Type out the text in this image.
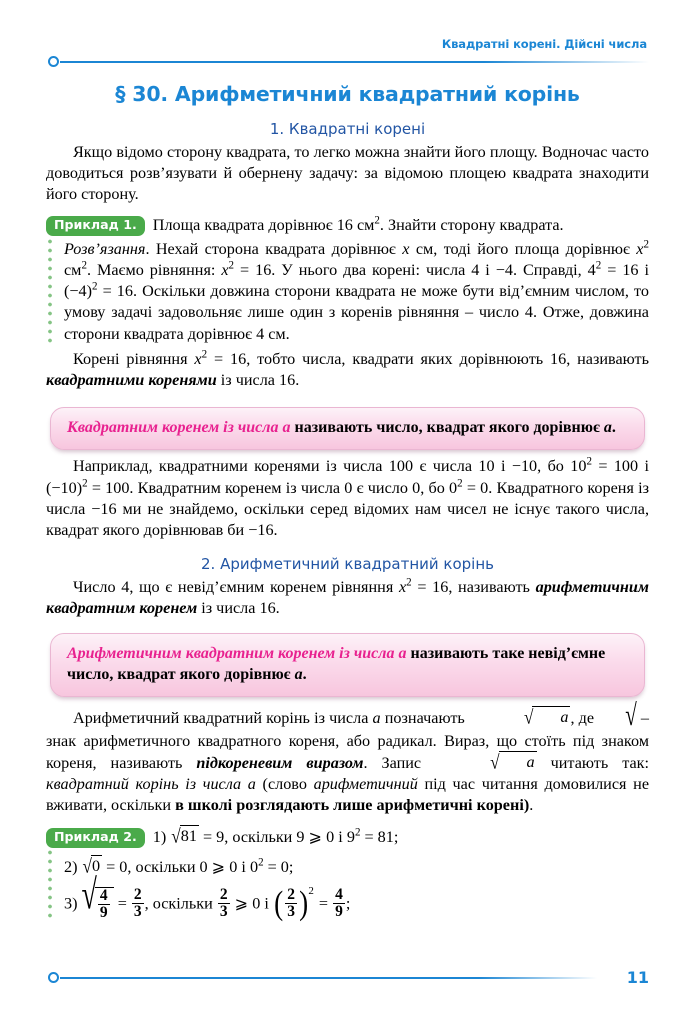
Квадратні корені. Дійсні числа
§ 30. Арифметичний квадратний корінь
1. Квадратні корені

Якщо відомо сторону квадрата, то легко можна знайти його площу. Водночас часто доводиться розв’язувати й обернену задачу: за відомою площею квадрата знаходити його сторону.

Приклад 1. Площа квадрата дорівнює 16 $см^2$. Знайти сторону квадрата.

Розв’язання. Нехай сторона квадрата дорівнює x см, тоді його площа дорівнює $x^2$ $см^2$. Маємо рівняння: $x^2 = 16$. У нього два корені: числа 4 і −4. Справді, $4^2 = 16$ і $(-4)^2 = 16$. Оскільки довжина сторони квадрата не може бути від’ємним числом, то умову задачі задовольняє лише один з коренів рівняння – число 4. Отже, довжина сторони квадрата дорівнює 4 см.

Корені рівняння $x^2 = 16$, тобто числа, квадрати яких дорівнюють 16, називають квадратними коренями із числа 16.

Квадратним коренем із числа a називають число, квадрат якого дорівнює a.

Наприклад, квадратними коренями із числа 100 є числа 10 і −10, бо $10^2 = 100$ і $(-10)^2 = 100$. Квадратним коренем із числа 0 є число 0, бо $0^2 = 0$. Квадратного кореня із числа −16 ми не знайдемо, оскільки серед відомих нам чисел не існує такого числа, квадрат якого дорівнював би −16.

2. Арифметичний квадратний корінь

Число 4, що є невід’ємним коренем рівняння $x^2 = 16$, називають арифметичним квадратним коренем із числа 16.

Арифметичним квадратним коренем із числа a називають таке невід’ємне число, квадрат якого дорівнює a.

Арифметичний квадратний корінь із числа a позначають	√ a , де √ – знак арифметичного квадратного кореня, або радикал. Вираз, що стоїть під знаком кореня, називають підкореневим виразом. Запис	√ a читають так: квадратний корінь із числа a (слово арифметичний під час читання домовилися не вживати, оскільки в школі розглядають лише арифметичні корені).

Приклад 2. 1) √81 = 9, оскільки 9 ⩾ 0 і $9^2 = 81$;

2) √0 = 0, оскільки 0 ⩾ 0 і $0^2 = 0$;

3) √ $\frac{4}{9} = \frac{2}{3}$ , оскільки $\frac{2}{3}$ ⩾ 0 і ( $\frac{2}{3} )^2 = \frac{4}{9}$ ;

11
